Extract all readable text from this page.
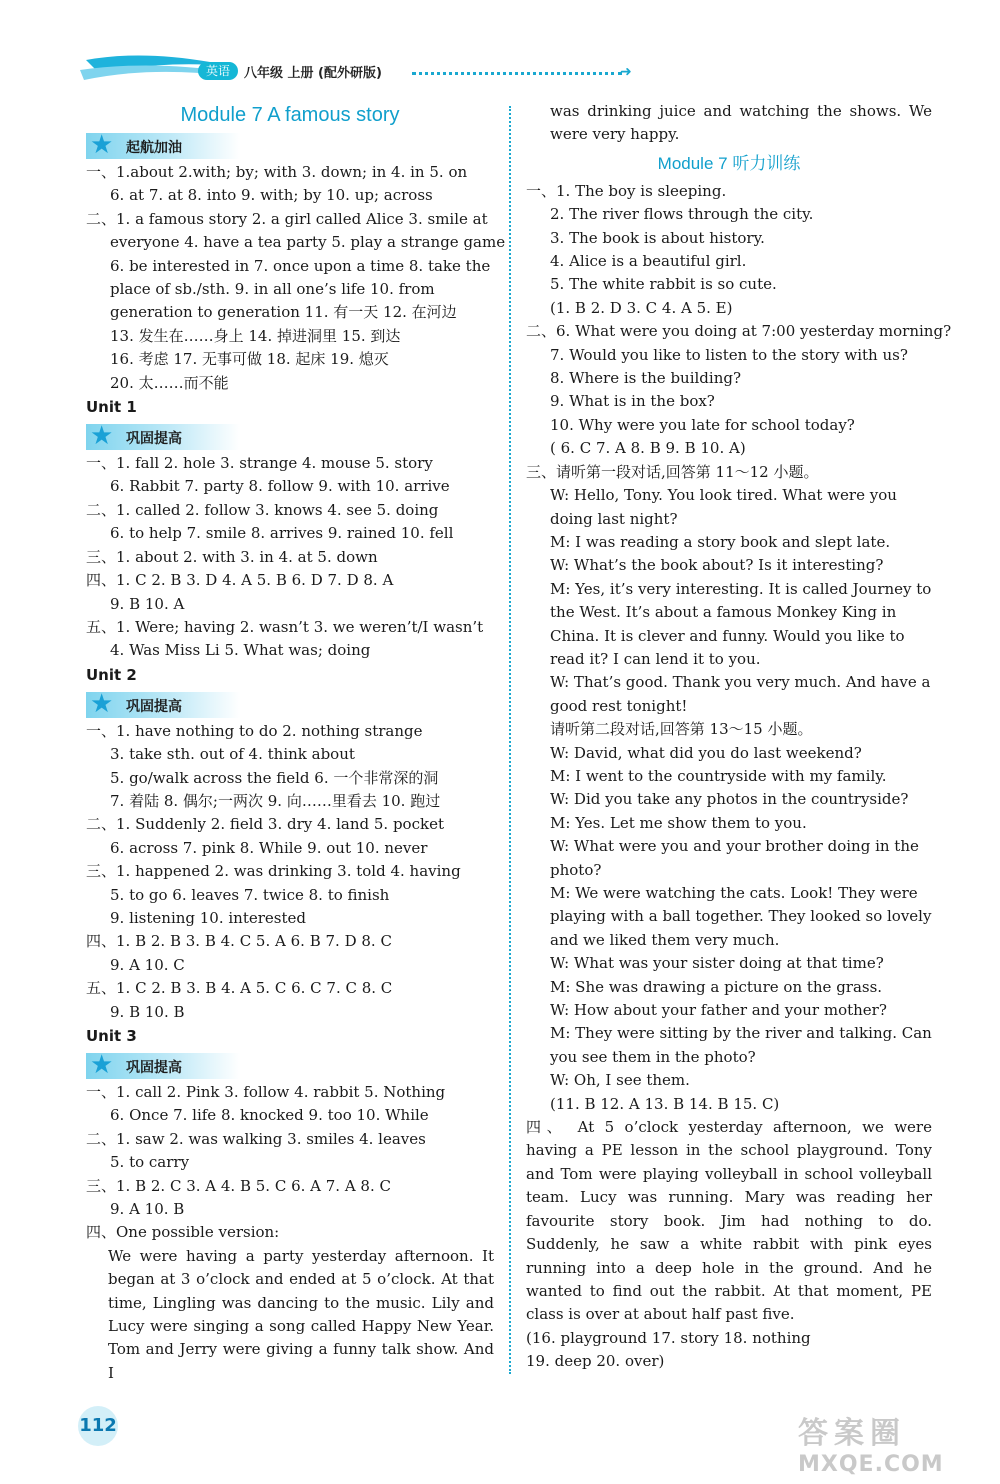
英语	八年级 上册 (配外研版)	➜
Module 7 A famous story
★ 起航加油
一、1.about 2.with; by; with 3. down; in 4. in 5. on
6. at 7. at 8. into 9. with; by 10. up; across
二、1. a famous story 2. a girl called Alice 3. smile at
everyone 4. have a tea party 5. play a strange game
6. be interested in 7. once upon a time 8. take the
place of sb./sth. 9. in all one’s life 10. from
generation to generation 11. 有一天 12. 在河边
13. 发生在……身上 14. 掉进洞里 15. 到达
16. 考虑 17. 无事可做 18. 起床 19. 熄灭
20. 太……而不能
Unit 1
★ 巩固提高
一、1. fall 2. hole 3. strange 4. mouse 5. story
6. Rabbit 7. party 8. follow 9. with 10. arrive
二、1. called 2. follow 3. knows 4. see 5. doing
6. to help 7. smile 8. arrives 9. rained 10. fell
三、1. about 2. with 3. in 4. at 5. down
四、1. C 2. B 3. D 4. A 5. B 6. D 7. D 8. A
9. B 10. A
五、1. Were; having 2. wasn’t 3. we weren’t/I wasn’t
4. Was Miss Li 5. What was; doing
Unit 2
★ 巩固提高
一、1. have nothing to do 2. nothing strange
3. take sth. out of 4. think about
5. go/walk across the field 6. 一个非常深的洞
7. 着陆 8. 偶尔;一两次 9. 向……里看去 10. 跑过
二、1. Suddenly 2. field 3. dry 4. land 5. pocket
6. across 7. pink 8. While 9. out 10. never
三、1. happened 2. was drinking 3. told 4. having
5. to go 6. leaves 7. twice 8. to finish
9. listening 10. interested
四、1. B 2. B 3. B 4. C 5. A 6. B 7. D 8. C
9. A 10. C
五、1. C 2. B 3. B 4. A 5. C 6. C 7. C 8. C
9. B 10. B
Unit 3
★ 巩固提高
一、1. call 2. Pink 3. follow 4. rabbit 5. Nothing
6. Once 7. life 8. knocked 9. too 10. While
二、1. saw 2. was walking 3. smiles 4. leaves
5. to carry
三、1. B 2. C 3. A 4. B 5. C 6. A 7. A 8. C
9. A 10. B
四、One possible version:
We were having a party yesterday afternoon. It began at 3 o’clock and ended at 5 o’clock. At that time, Lingling was dancing to the music. Lily and Lucy were singing a song called Happy New Year. Tom and Jerry were giving a funny talk show. And I
was drinking juice and watching the shows. We were very happy.
Module 7 听力训练
一、1. The boy is sleeping.
2. The river flows through the city.
3. The book is about history.
4. Alice is a beautiful girl.
5. The white rabbit is so cute.
(1. B 2. D 3. C 4. A 5. E)
二、6. What were you doing at 7:00 yesterday morning?
7. Would you like to listen to the story with us?
8. Where is the building?
9. What is in the box?
10. Why were you late for school today?
( 6. C 7. A 8. B 9. B 10. A)
三、请听第一段对话,回答第 11～12 小题。
W: Hello, Tony. You look tired. What were you doing last night?
M: I was reading a story book and slept late.
W: What’s the book about? Is it interesting?
M: Yes, it’s very interesting. It is called Journey to the West. It’s about a famous Monkey King in China. It is clever and funny. Would you like to read it? I can lend it to you.
W: That’s good. Thank you very much. And have a good rest tonight!
请听第二段对话,回答第 13～15 小题。
W: David, what did you do last weekend?
M: I went to the countryside with my family.
W: Did you take any photos in the countryside?
M: Yes. Let me show them to you.
W: What were you and your brother doing in the photo?
M: We were watching the cats. Look! They were playing with a ball together. They looked so lovely and we liked them very much.
W: What was your sister doing at that time?
M: She was drawing a picture on the grass.
W: How about your father and your mother?
M: They were sitting by the river and talking. Can you see them in the photo?
W: Oh, I see them.
(11. B 12. A 13. B 14. B 15. C)
四、 At 5 o’clock yesterday afternoon, we were having a PE lesson in the school playground. Tony and Tom were playing volleyball in school volleyball team. Lucy was running. Mary was reading her favourite story book. Jim had nothing to do. Suddenly, he saw a white rabbit with pink eyes running into a deep hole in the ground. And he wanted to find out the rabbit. At that moment, PE class is over at about half past five.
(16. playground 17. story 18. nothing
19. deep 20. over)
112	答案圈
MXQE.COM
